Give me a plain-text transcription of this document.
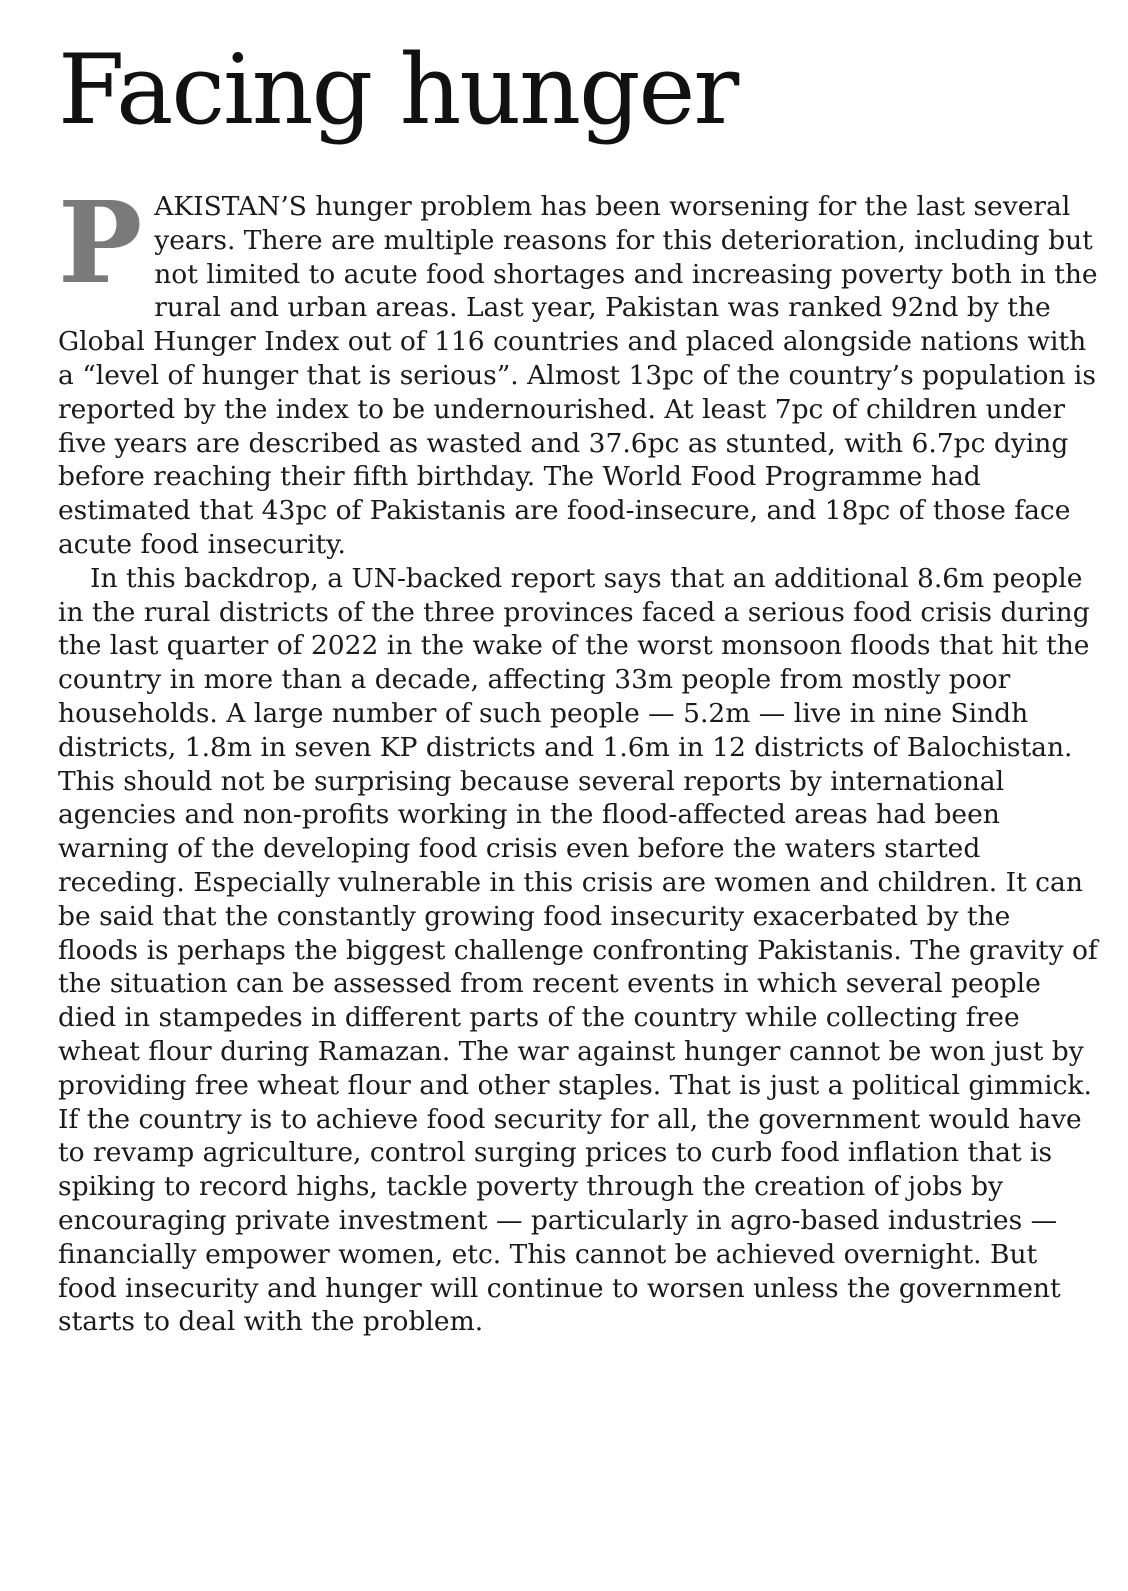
Facing hunger

PAKISTAN’S hunger problem has been worsening for the last several years. There are multiple reasons for this deterioration, including but not limited to acute food shortages and increasing poverty both in the rural and urban areas. Last year, Pakistan was ranked 92nd by the Global Hunger Index out of 116 countries and placed alongside nations with a “level of hunger that is serious”. Almost 13pc of the country’s population is reported by the index to be undernourished. At least 7pc of children under five years are described as wasted and 37.6pc as stunted, with 6.7pc dying before reaching their fifth birthday. The World Food Programme had estimated that 43pc of Pakistanis are food-insecure, and 18pc of those face acute food insecurity.

In this backdrop, a UN-backed report says that an additional 8.6m people in the rural districts of the three provinces faced a serious food crisis during the last quarter of 2022 in the wake of the worst monsoon floods that hit the country in more than a decade, affecting 33m people from mostly poor households. A large number of such people — 5.2m — live in nine Sindh districts, 1.8m in seven KP districts and 1.6m in 12 districts of Balochistan. This should not be surprising because several reports by international agencies and non-profits working in the flood-affected areas had been warning of the developing food crisis even before the waters started receding. Especially vulnerable in this crisis are women and children. It can be said that the constantly growing food insecurity exacerbated by the floods is perhaps the biggest challenge confronting Pakistanis. The gravity of the situation can be assessed from recent events in which several people died in stampedes in different parts of the country while collecting free wheat flour during Ramazan. The war against hunger cannot be won just by providing free wheat flour and other staples. That is just a political gimmick. If the country is to achieve food security for all, the government would have to revamp agriculture, control surging prices to curb food inflation that is spiking to record highs, tackle poverty through the creation of jobs by encouraging private investment — particularly in agro-based industries — financially empower women, etc. This cannot be achieved overnight. But food insecurity and hunger will continue to worsen unless the government starts to deal with the problem.
